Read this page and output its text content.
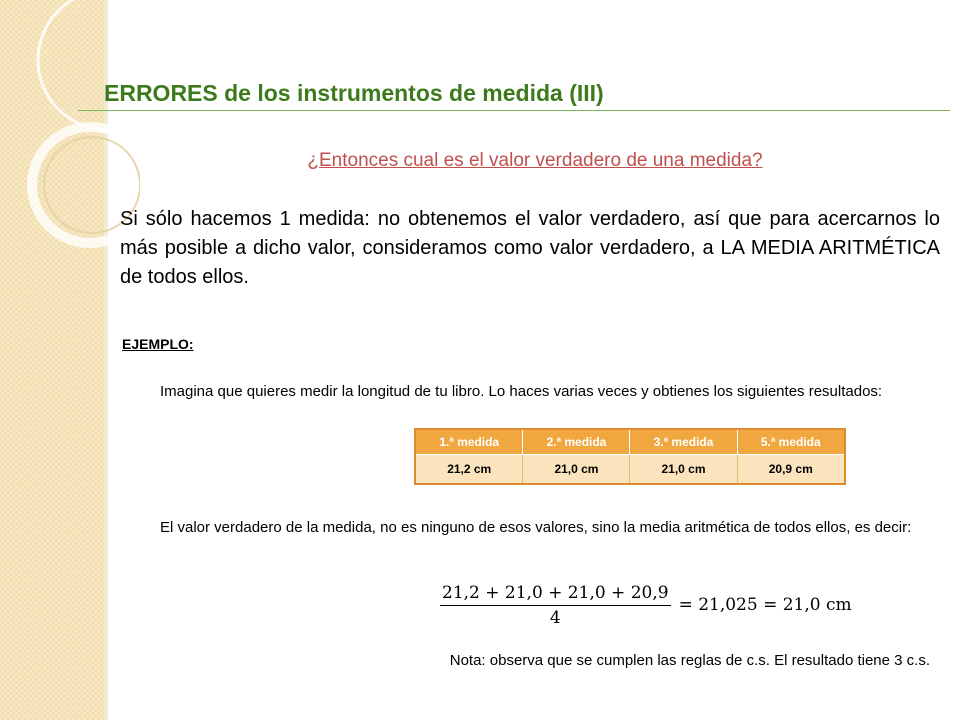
ERRORES de los instrumentos de medida (III)
¿Entonces cual es el valor verdadero de una medida?
Si sólo hacemos 1 medida: no obtenemos el valor verdadero, así que para acercarnos lo más posible a dicho valor, consideramos como valor verdadero, a LA MEDIA ARITMÉTICA de todos ellos.
EJEMPLO:
Imagina que quieres medir la longitud de tu libro. Lo haces varias veces y obtienes los siguientes resultados:
1.ª medida	2.ª medida	3.ª medida	5.ª medida
21,2 cm	21,0 cm	21,0 cm	20,9 cm
El valor verdadero de la medida, no es ninguno de esos valores, sino la media aritmética de todos ellos, es decir:
$\frac{21,2 + 21,0 + 21,0 + 20,9}{4} = 21,025 = 21,0$ cm
Nota: observa que se cumplen las reglas de c.s. El resultado tiene 3 c.s.
